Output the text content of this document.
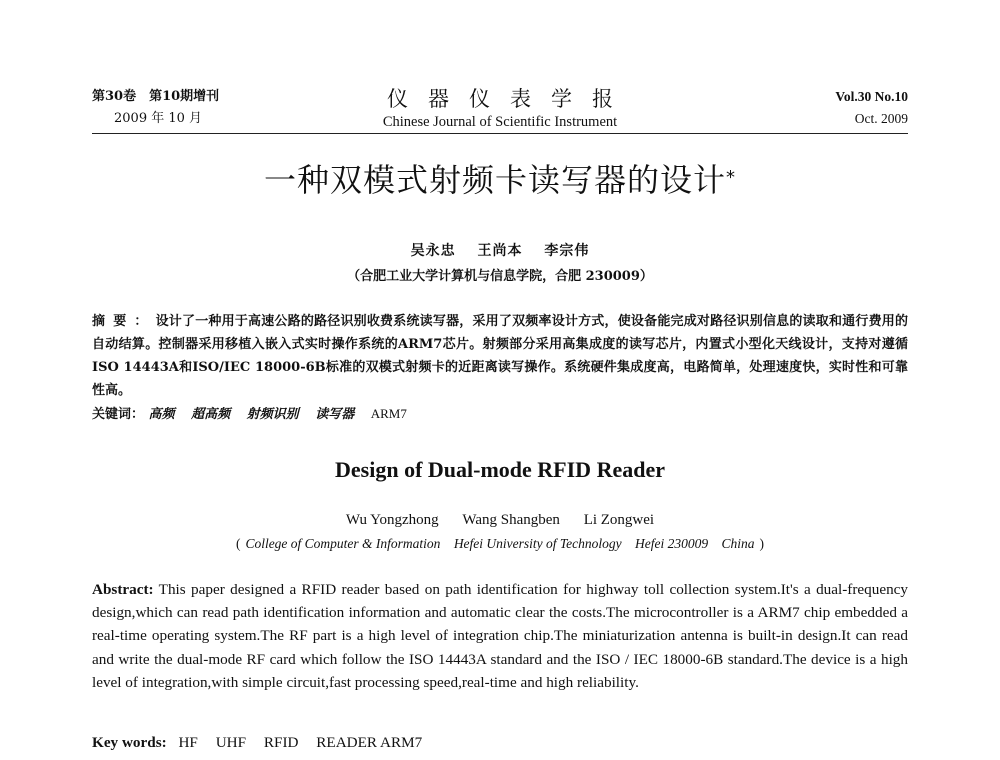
仪器仪表学报
Chinese Journal of Scientific Instrument
第30卷　第10期增刊
2009 年 10 月
Vol.30 No.10
Oct. 2009
一种双模式射频卡读写器的设计*
吴永忠 王尚本 李宗伟
（合肥工业大学计算机与信息学院，合肥 230009）
摘要：设计了一种用于高速公路的路径识别收费系统读写器，采用了双频率设计方式，使设备能完成对路径识别信息的读取和通行费用的自动结算。控制器采用移植入嵌入式实时操作系统的ARM7芯片。射频部分采用高集成度的读写芯片，内置式小型化天线设计，支持对遵循ISO 14443A和ISO/IEC 18000-6B标准的双模式射频卡的近距离读写操作。系统硬件集成度高，电路简单，处理速度快，实时性和可靠性高。
关键词： 高频 超高频 射频识别 读写器 ARM7
Design of Dual-mode RFID Reader
Wu Yongzhong Wang Shangben Li Zongwei
( College of Computer & Information Hefei University of Technology Hefei 230009 China )
Abstract: This paper designed a RFID reader based on path identification for highway toll collection system.It's a dual-frequency design,which can read path identification information and automatic clear the costs.The microcontroller is a ARM7 chip embedded a real-time operating system.The RF part is a high level of integration chip.The miniaturization antenna is built-in design.It can read and write the dual-mode RF card which follow the ISO 14443A standard and the ISO / IEC 18000-6B standard.The device is a high level of integration,with simple circuit,fast processing speed,real-time and high reliability.
Key words: HF UHF RFID READER ARM7
